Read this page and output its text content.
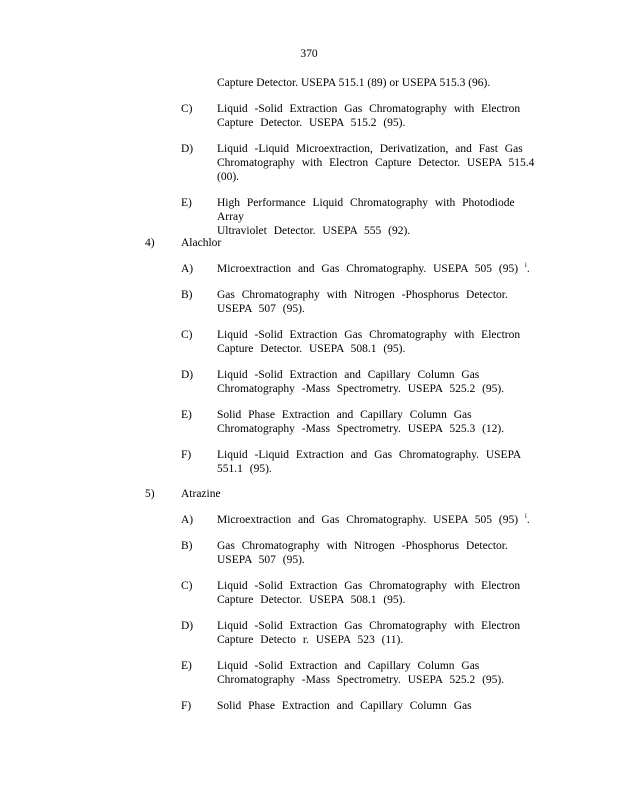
370
Capture Detector. USEPA 515.1 (89) or USEPA 515.3 (96).
C)	Liquid -Solid Extraction Gas Chromatography with Electron
Capture Detector. USEPA 515.2 (95).
D)	Liquid -Liquid Microextraction, Derivatization, and Fast Gas
Chromatography with Electron Capture Detector. USEPA 515.4
(00).
E)	High Performance Liquid Chromatography with Photodiode Array
Ultraviolet Detector. USEPA 555 (92).
4)	Alachlor
A)	Microextraction and Gas Chromatography. USEPA 505 (95) $^i$.
B)	Gas Chromatography with Nitrogen -Phosphorus Detector.
USEPA 507 (95).
C)	Liquid -Solid Extraction Gas Chromatography with Electron
Capture Detector. USEPA 508.1 (95).
D)	Liquid -Solid Extraction and Capillary Column Gas
Chromatography -Mass Spectrometry. USEPA 525.2 (95).
E)	Solid Phase Extraction and Capillary Column Gas
Chromatography -Mass Spectrometry. USEPA 525.3 (12).
F)	Liquid -Liquid Extraction and Gas Chromatography. USEPA
551.1 (95).
5)	Atrazine
A)	Microextraction and Gas Chromatography. USEPA 505 (95) $^i$.
B)	Gas Chromatography with Nitrogen -Phosphorus Detector.
USEPA 507 (95).
C)	Liquid -Solid Extraction Gas Chromatography with Electron
Capture Detector. USEPA 508.1 (95).
D)	Liquid -Solid Extraction Gas Chromatography with Electron
Capture Detecto r. USEPA 523 (11).
E)	Liquid -Solid Extraction and Capillary Column Gas
Chromatography -Mass Spectrometry. USEPA 525.2 (95).
F)	Solid Phase Extraction and Capillary Column Gas
